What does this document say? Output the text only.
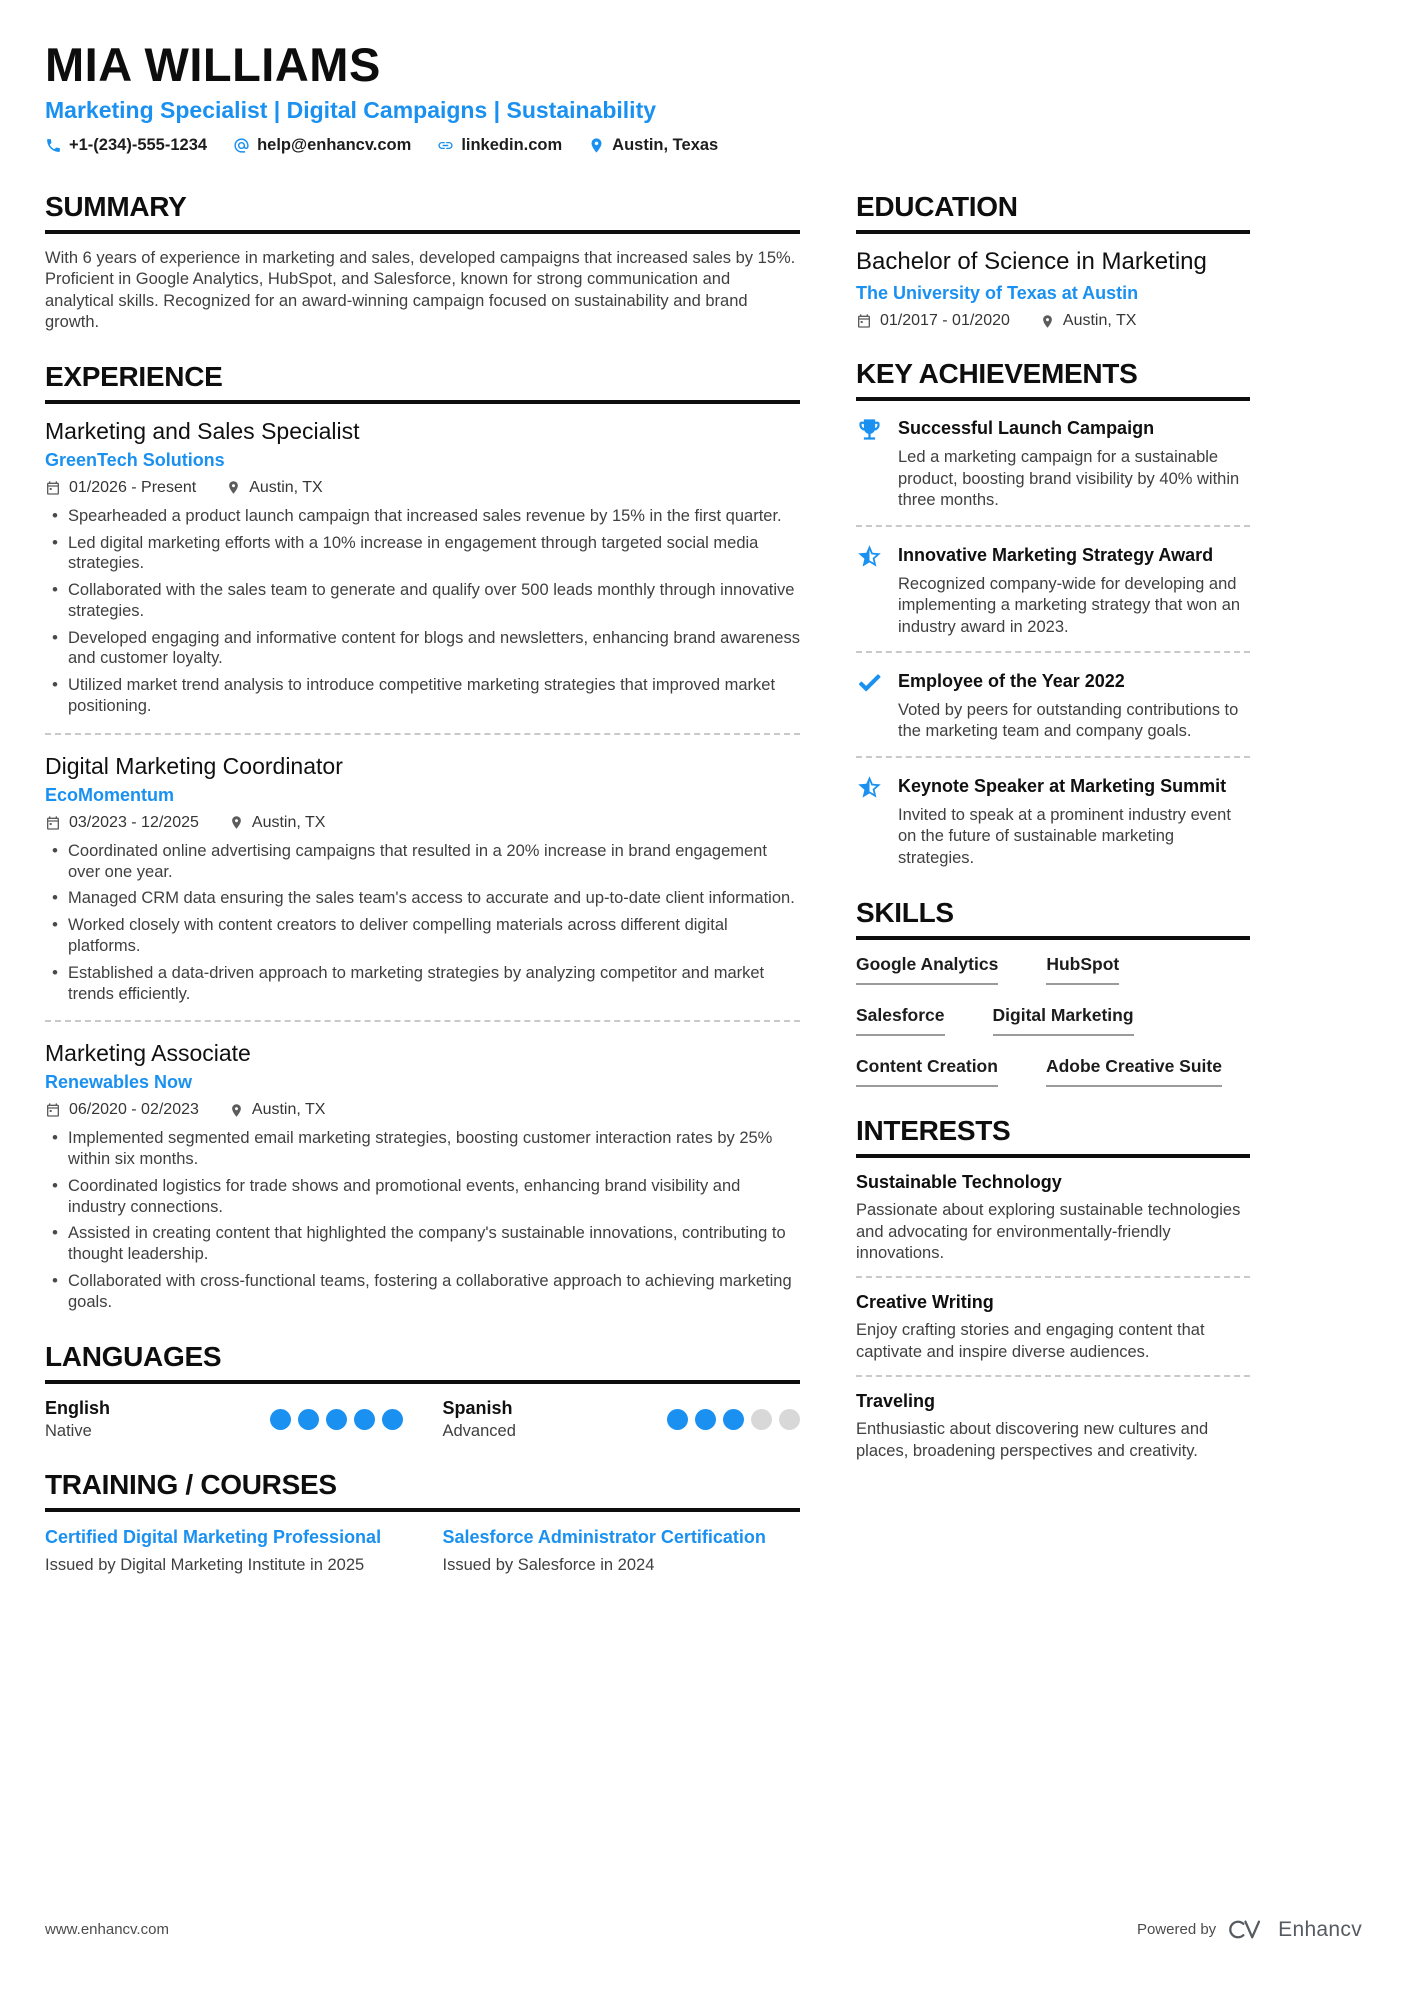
MIA WILLIAMS
Marketing Specialist | Digital Campaigns | Sustainability
+1-(234)-555-1234	help@enhancv.com	linkedin.com	Austin, Texas
SUMMARY

With 6 years of experience in marketing and sales, developed campaigns that increased sales by 15%. Proficient in Google Analytics, HubSpot, and Salesforce, known for strong communication and analytical skills. Recognized for an award-winning campaign focused on sustainability and brand growth.

EXPERIENCE
Marketing and Sales Specialist
GreenTech Solutions
01/2026 - Present	Austin, TX
• Spearheaded a product launch campaign that increased sales revenue by 15% in the first quarter.
• Led digital marketing efforts with a 10% increase in engagement through targeted social media strategies.
• Collaborated with the sales team to generate and qualify over 500 leads monthly through innovative strategies.
• Developed engaging and informative content for blogs and newsletters, enhancing brand awareness and customer loyalty.
• Utilized market trend analysis to introduce competitive marketing strategies that improved market positioning.
Digital Marketing Coordinator
EcoMomentum
03/2023 - 12/2025	Austin, TX
• Coordinated online advertising campaigns that resulted in a 20% increase in brand engagement over one year.
• Managed CRM data ensuring the sales team's access to accurate and up-to-date client information.
• Worked closely with content creators to deliver compelling materials across different digital platforms.
• Established a data-driven approach to marketing strategies by analyzing competitor and market trends efficiently.
Marketing Associate
Renewables Now
06/2020 - 02/2023	Austin, TX
• Implemented segmented email marketing strategies, boosting customer interaction rates by 25% within six months.
• Coordinated logistics for trade shows and promotional events, enhancing brand visibility and industry connections.
• Assisted in creating content that highlighted the company's sustainable innovations, contributing to thought leadership.
• Collaborated with cross-functional teams, fostering a collaborative approach to achieving marketing goals.
LANGUAGES
English
Native
Spanish
Advanced
TRAINING / COURSES
Certified Digital Marketing Professional
Issued by Digital Marketing Institute in 2025
Salesforce Administrator Certification
Issued by Salesforce in 2024
EDUCATION
Bachelor of Science in Marketing
The University of Texas at Austin
01/2017 - 01/2020	Austin, TX
KEY ACHIEVEMENTS
Successful Launch Campaign
Led a marketing campaign for a sustainable product, boosting brand visibility by 40% within three months.
Innovative Marketing Strategy Award
Recognized company-wide for developing and implementing a marketing strategy that won an industry award in 2023.
Employee of the Year 2022
Voted by peers for outstanding contributions to the marketing team and company goals.
Keynote Speaker at Marketing Summit
Invited to speak at a prominent industry event on the future of sustainable marketing strategies.
SKILLS
Google Analytics	HubSpot
Salesforce	Digital Marketing
Content Creation	Adobe Creative Suite
INTERESTS
Sustainable Technology
Passionate about exploring sustainable technologies and advocating for environmentally-friendly innovations.
Creative Writing
Enjoy crafting stories and engaging content that captivate and inspire diverse audiences.
Traveling
Enthusiastic about discovering new cultures and places, broadening perspectives and creativity.
www.enhancv.com	Powered by	Enhancv
